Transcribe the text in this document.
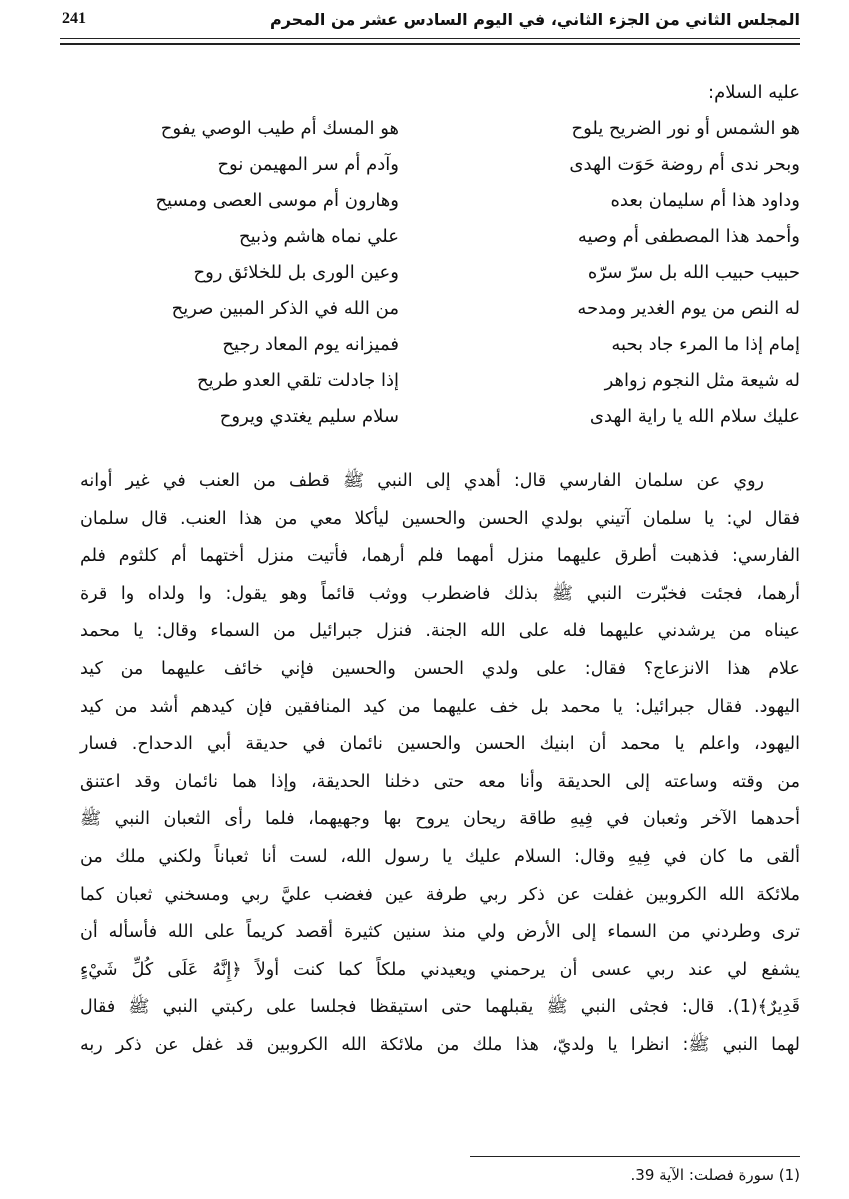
المجلس الثاني من الجزء الثاني، في اليوم السادس عشر من المحرم
241
عليه السلام:
هو الشمس أو نور الضريح يلوح
هو المسك أم طيب الوصي يفوح
وبحر ندى أم روضة حَوَت الهدى
وآدم أم سر المهيمن نوح
وداود هذا أم سليمان بعده
وهارون أم موسى العصى ومسيح
وأحمد هذا المصطفى أم وصيه
علي نماه هاشم وذبيح
حبيب حبيب الله بل سرّ سرّه
وعين الورى بل للخلائق روح
له النص من يوم الغدير ومدحه
من الله في الذكر المبين صريح
إمام إذا ما المرء جاد بحبه
فميزانه يوم المعاد رجيح
له شيعة مثل النجوم زواهر
إذا جادلت تلقي العدو طريح
عليك سلام الله يا راية الهدى
سلام سليم يغتدي ويروح
روي عن سلمان الفارسي قال: أهدي إلى النبي ﷺ قطف من العنب في غير أوانه
فقال لي: يا سلمان آتيني بولدي الحسن والحسين ليأكلا معي من هذا العنب. قال سلمان
الفارسي: فذهبت أطرق عليهما منزل أمهما فلم أرهما، فأتيت منزل أختهما أم كلثوم فلم
أرهما، فجئت فخبّرت النبي ﷺ بذلك فاضطرب ووثب قائماً وهو يقول: وا ولداه وا قرة
عيناه من يرشدني عليهما فله على الله الجنة. فنزل جبرائيل من السماء وقال: يا محمد
علام هذا الانزعاج؟ فقال: على ولدي الحسن والحسين فإني خائف عليهما من كيد
اليهود. فقال جبرائيل: يا محمد بل خف عليهما من كيد المنافقين فإن كيدهم أشد من كيد
اليهود، واعلم يا محمد أن ابنيك الحسن والحسين نائمان في حديقة أبي الدحداح. فسار
من وقته وساعته إلى الحديقة وأنا معه حتى دخلنا الحديقة، وإذا هما نائمان وقد اعتنق
أحدهما الآخر وثعبان في فِيهِ طاقة ريحان يروح بها وجهيهما، فلما رأى الثعبان النبي ﷺ
ألقى ما كان في فِيهِ وقال: السلام عليك يا رسول الله، لست أنا ثعباناً ولكني ملك من
ملائكة الله الكروبين غفلت عن ذكر ربي طرفة عين فغضب عليَّ ربي ومسخني ثعبان كما
ترى وطردني من السماء إلى الأرض ولي منذ سنين كثيرة أقصد كريماً على الله فأسأله أن
يشفع لي عند ربي عسى أن يرحمني ويعيدني ملكاً كما كنت أولاً ﴿إِنَّهُ عَلَى كُلِّ شَيْءٍ
قَدِيرٌ﴾(1). قال: فجثى النبي ﷺ يقبلهما حتى استيقظا فجلسا على ركبتي النبي ﷺ فقال
لهما النبي ﷺ: انظرا يا ولديّ، هذا ملك من ملائكة الله الكروبين قد غفل عن ذكر ربه
(1) سورة فصلت: الآية 39.
